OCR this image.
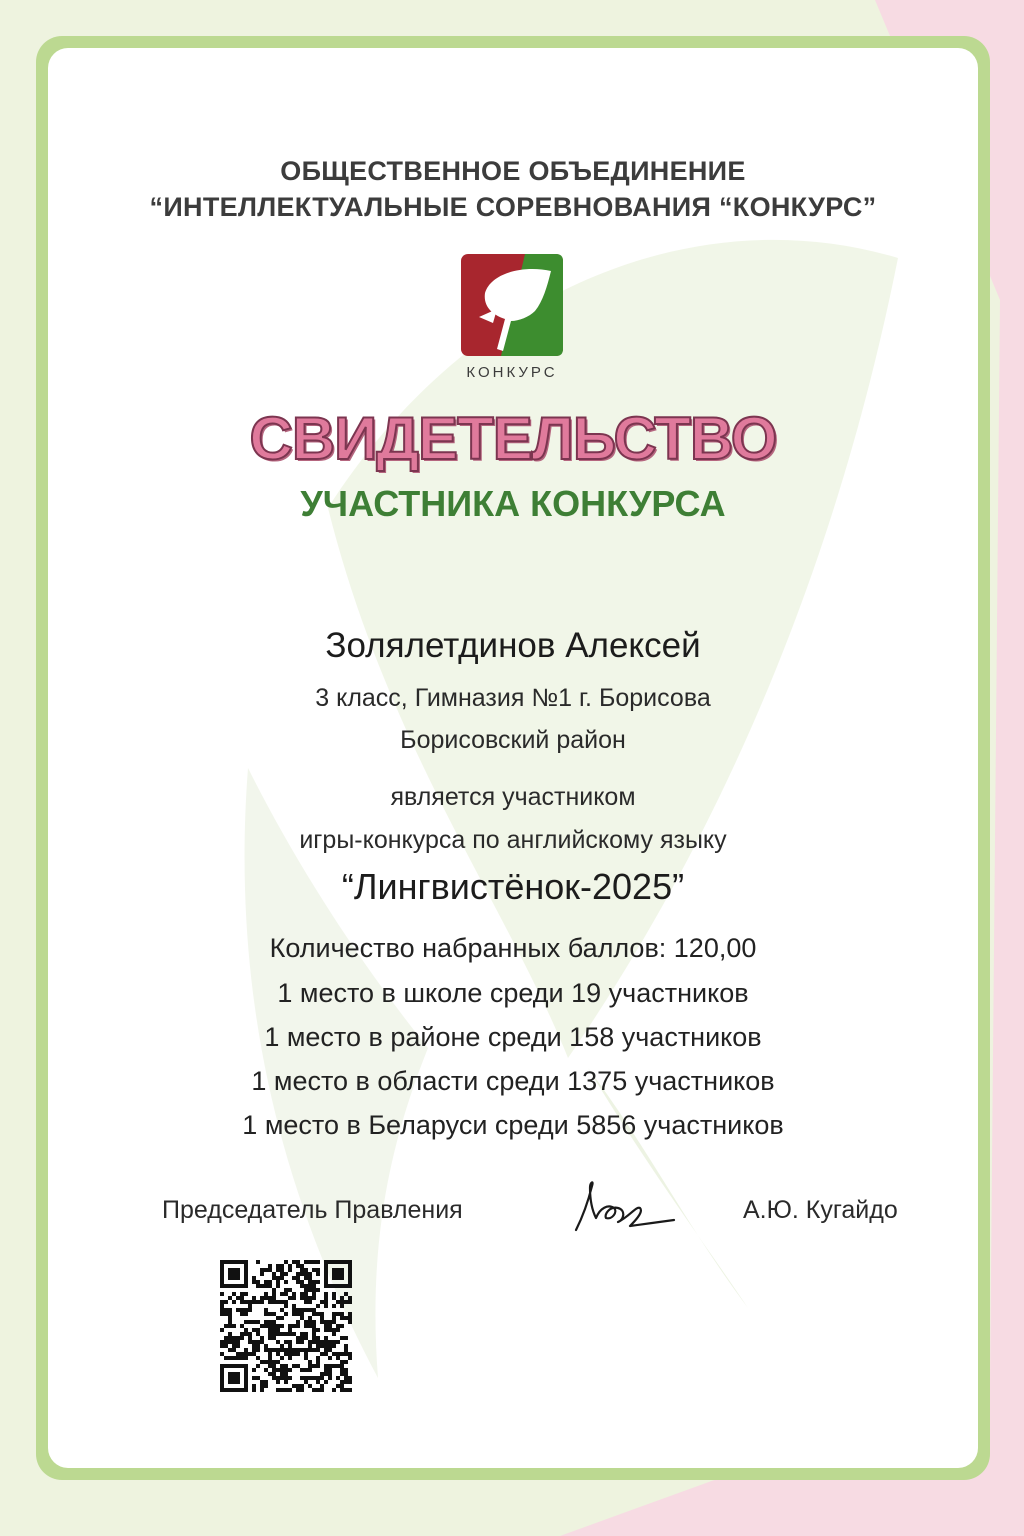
ОБЩЕСТВЕННОЕ ОБЪЕДИНЕНИЕ
“ИНТЕЛЛЕКТУАЛЬНЫЕ СОРЕВНОВАНИЯ “КОНКУРС”
КОНКУРС
СВИДЕТЕЛЬСТВО
УЧАСТНИКА КОНКУРСА
Золялетдинов Алексей
3 класс, Гимназия №1 г. Борисова
Борисовский район
является участником
игры-конкурса по английскому языку
“Лингвистёнок-2025”
Количество набранных баллов: 120,00
1 место в школе среди 19 участников
1 место в районе среди 158 участников
1 место в области среди 1375 участников
1 место в Беларуси среди 5856 участников
Председатель Правления	А.Ю. Кугайдо
